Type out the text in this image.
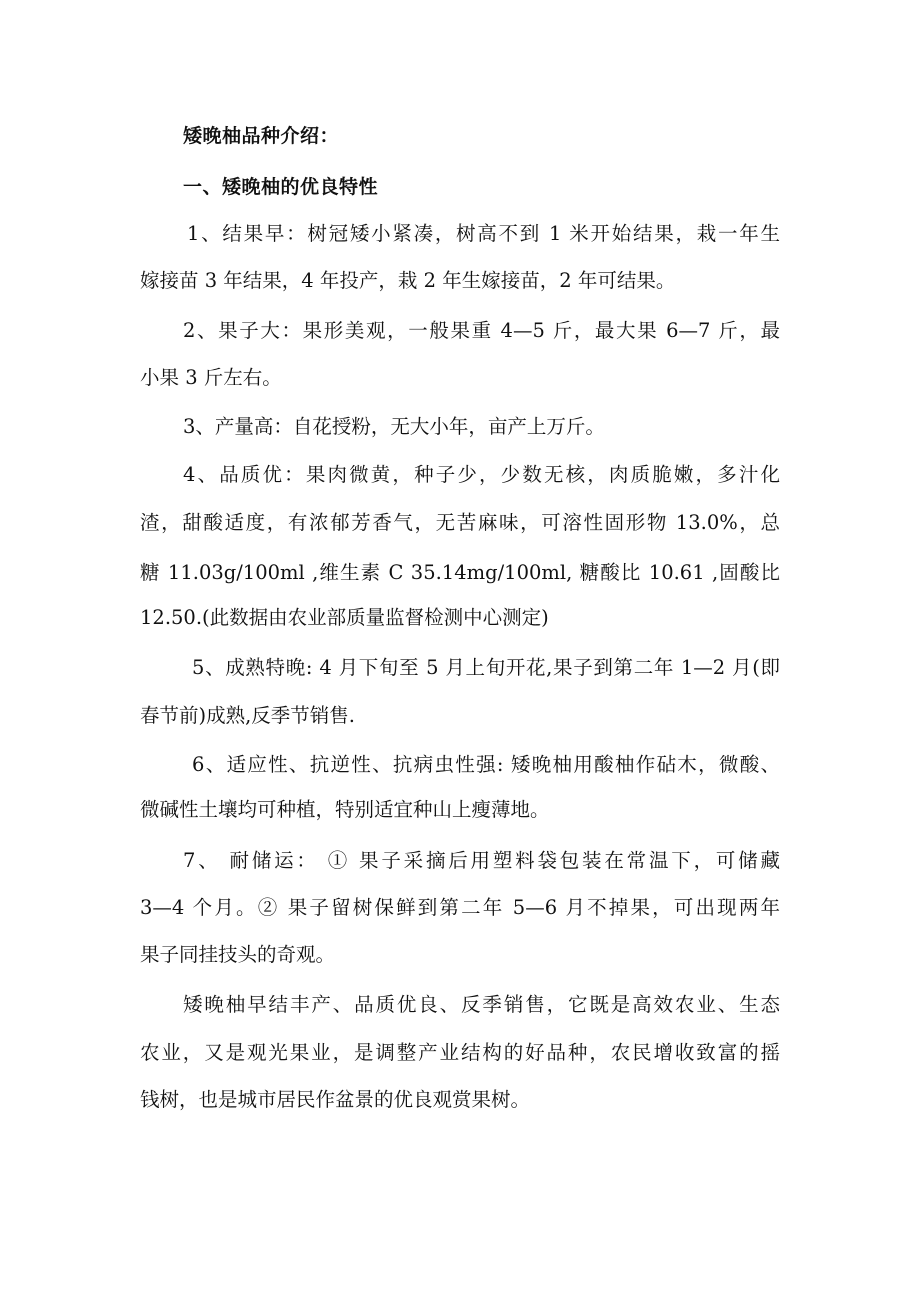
矮晚柚品种介绍：
一、矮晚柚的优良特性
1、结果早：树冠矮小紧凑，树高不到 1 米开始结果，栽一年生
嫁接苗 3 年结果，4 年投产，栽 2 年生嫁接苗，2 年可结果。
2、果子大：果形美观，一般果重 4—5 斤，最大果 6—7 斤，最
小果 3 斤左右。
3、产量高：自花授粉，无大小年，亩产上万斤。
4、品质优：果肉微黄，种子少，少数无核，肉质脆嫩，多汁化
渣，甜酸适度，有浓郁芳香气，无苦麻味，可溶性固形物 13.0%，总
糖 11.03g/100ml ,维生素 C 35.14mg/100ml, 糖酸比 10.61 ,固酸比
12.50.(此数据由农业部质量监督检测中心测定)
5、成熟特晚: 4 月下旬至 5 月上旬开花,果子到第二年 1—2 月(即
春节前)成熟,反季节销售.
6、适应性、抗逆性、抗病虫性强: 矮晚柚用酸柚作砧木，微酸、
微碱性土壤均可种植，特别适宜种山上瘦薄地。
7、 耐储运： ① 果子采摘后用塑料袋包装在常温下，可储藏
3—4 个月。② 果子留树保鲜到第二年 5—6 月不掉果，可出现两年
果子同挂技头的奇观。
矮晚柚早结丰产、品质优良、反季销售，它既是高效农业、生态
农业，又是观光果业，是调整产业结构的好品种，农民增收致富的摇
钱树，也是城市居民作盆景的优良观赏果树。
